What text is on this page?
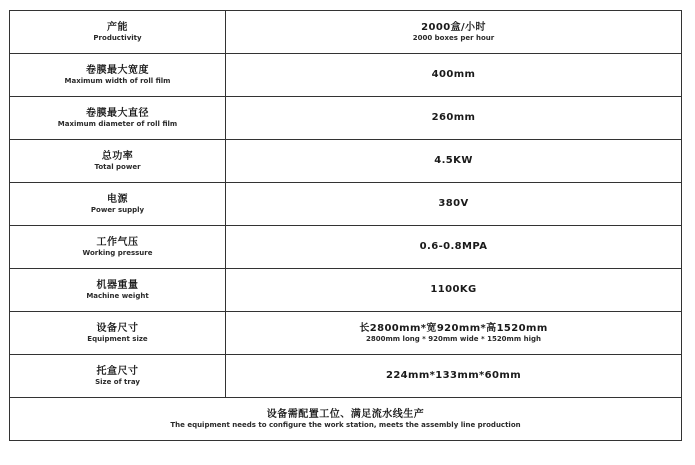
产能
Productivity	2000盒/小时
2000 boxes per hour

卷膜最大宽度
Maximum width of roll film	400mm

卷膜最大直径
Maximum diameter of roll film	260mm

总功率
Total power	4.5KW

电源
Power supply	380V

工作气压
Working pressure	0.6-0.8MPA

机器重量
Machine weight	1100KG

设备尺寸
Equipment size	长2800mm*宽920mm*高1520mm
2800mm long * 920mm wide * 1520mm high

托盒尺寸
Size of tray	224mm*133mm*60mm

设备需配置工位、满足流水线生产
The equipment needs to configure the work station, meets the assembly line production	
